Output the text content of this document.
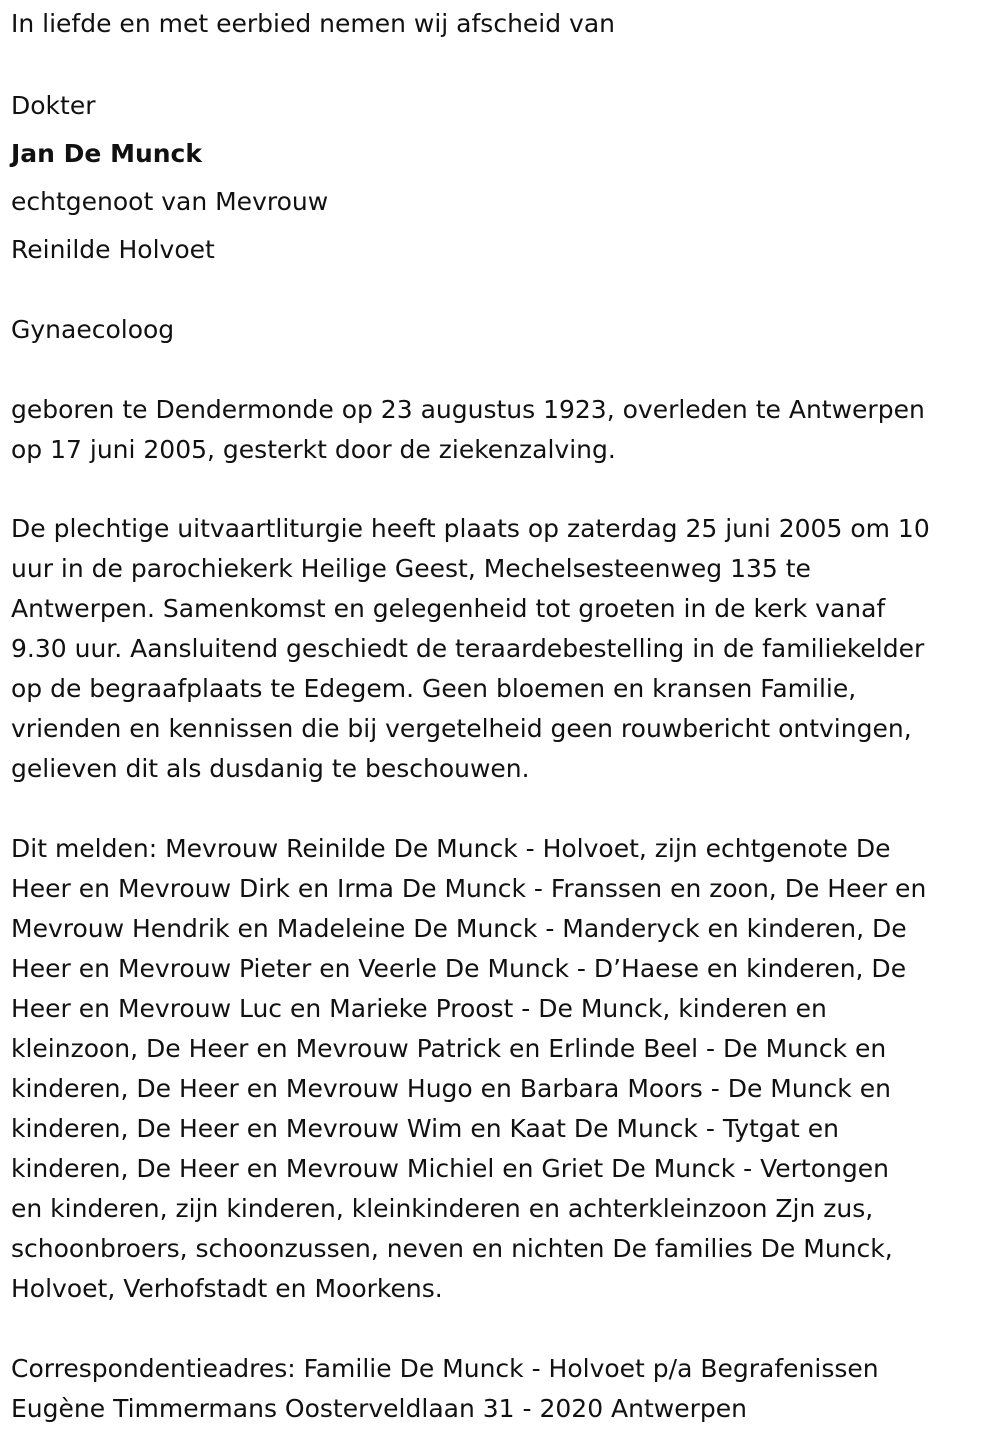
In liefde en met eerbied nemen wij afscheid van
Dokter
Jan De Munck
echtgenoot van Mevrouw
Reinilde Holvoet
Gynaecoloog
geboren te Dendermonde op 23 augustus 1923, overleden te Antwerpen
op 17 juni 2005, gesterkt door de ziekenzalving.
De plechtige uitvaartliturgie heeft plaats op zaterdag 25 juni 2005 om 10
uur in de parochiekerk Heilige Geest, Mechelsesteenweg 135 te
Antwerpen. Samenkomst en gelegenheid tot groeten in de kerk vanaf
9.30 uur. Aansluitend geschiedt de teraardebestelling in de familiekelder
op de begraafplaats te Edegem. Geen bloemen en kransen Familie,
vrienden en kennissen die bij vergetelheid geen rouwbericht ontvingen,
gelieven dit als dusdanig te beschouwen.
Dit melden: Mevrouw Reinilde De Munck - Holvoet, zijn echtgenote De
Heer en Mevrouw Dirk en Irma De Munck - Franssen en zoon, De Heer en
Mevrouw Hendrik en Madeleine De Munck - Manderyck en kinderen, De
Heer en Mevrouw Pieter en Veerle De Munck - D’Haese en kinderen, De
Heer en Mevrouw Luc en Marieke Proost - De Munck, kinderen en
kleinzoon, De Heer en Mevrouw Patrick en Erlinde Beel - De Munck en
kinderen, De Heer en Mevrouw Hugo en Barbara Moors - De Munck en
kinderen, De Heer en Mevrouw Wim en Kaat De Munck - Tytgat en
kinderen, De Heer en Mevrouw Michiel en Griet De Munck - Vertongen
en kinderen, zijn kinderen, kleinkinderen en achterkleinzoon Zjn zus,
schoonbroers, schoonzussen, neven en nichten De families De Munck,
Holvoet, Verhofstadt en Moorkens.
Correspondentieadres: Familie De Munck - Holvoet p/a Begrafenissen
Eugène Timmermans Oosterveldlaan 31 - 2020 Antwerpen
